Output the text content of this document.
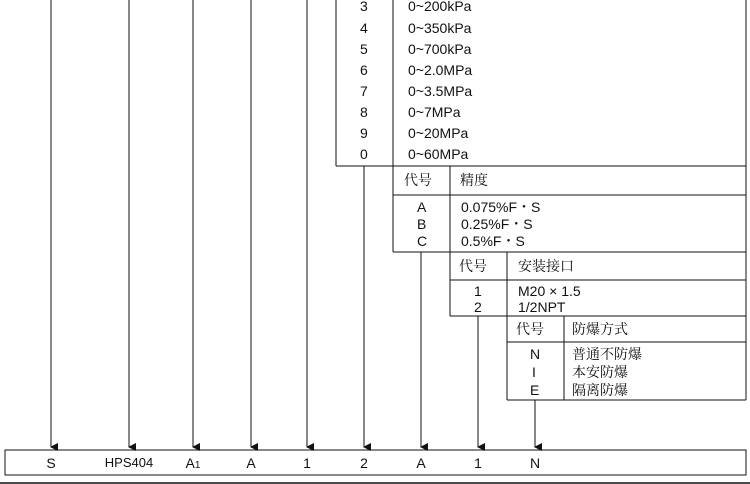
3	0~200kPa
4	0~350kPa
5	0~700kPa
6	0~2.0MPa
7	0~3.5MPa
8	0~7MPa
9	0~20MPa
0	0~60MPa
代号 精度
A 0.075%F・S
B 0.25%F・S
C 0.5%F・S
代号 安装接口
1	M20 × 1.5
2	1/2NPT
代号 防爆方式
N 普通不防爆
I	本安防爆
E 隔离防爆
S	HPS404	A1	A	1	2	A	1	N
